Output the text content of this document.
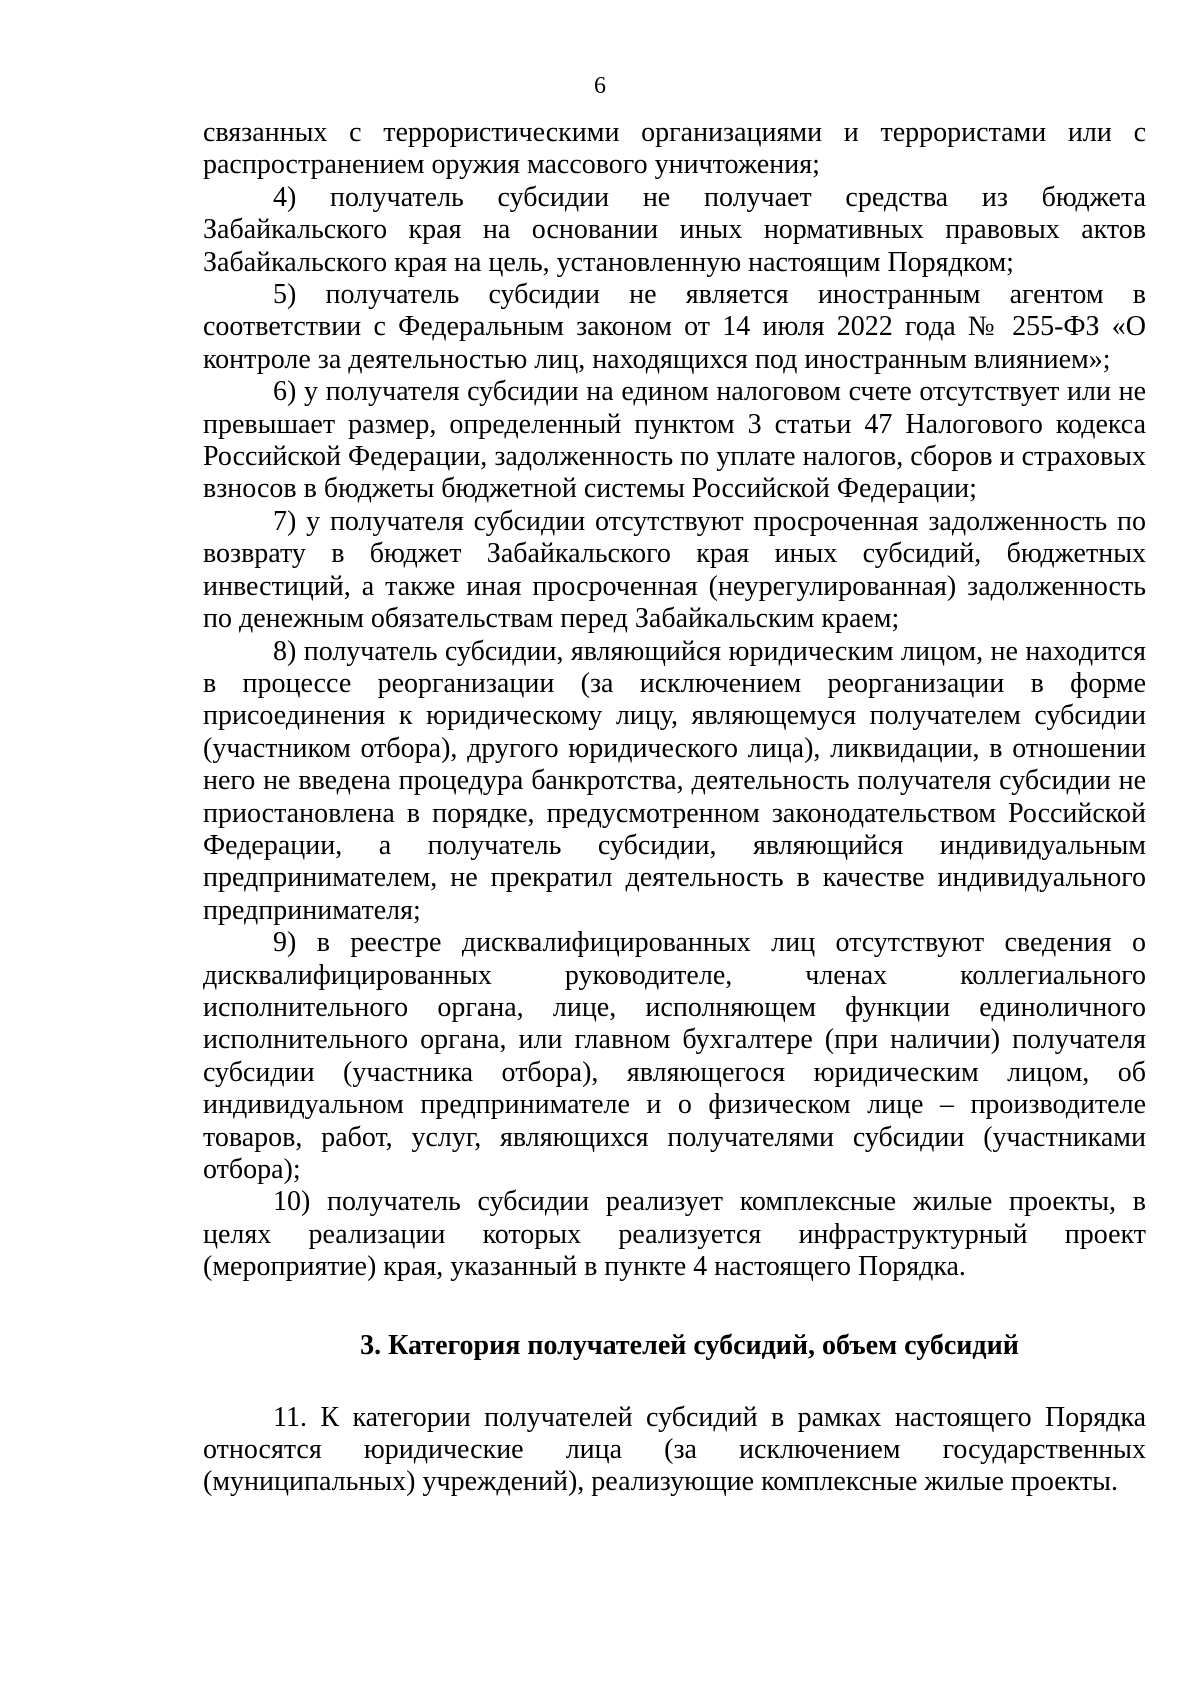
6

связанных с террористическими организациями и террористами или с распространением оружия массового уничтожения;

4) получатель субсидии не получает средства из бюджета Забайкальского края на основании иных нормативных правовых актов Забайкальского края на цель, установленную настоящим Порядком;

5) получатель субсидии не является иностранным агентом в соответствии с Федеральным законом от 14 июля 2022 года № 255-ФЗ «О контроле за деятельностью лиц, находящихся под иностранным влиянием»;

6) у получателя субсидии на едином налоговом счете отсутствует или не превышает размер, определенный пунктом 3 статьи 47 Налогового кодекса Российской Федерации, задолженность по уплате налогов, сборов и страховых взносов в бюджеты бюджетной системы Российской Федерации;

7) у получателя субсидии отсутствуют просроченная задолженность по возврату в бюджет Забайкальского края иных субсидий, бюджетных инвестиций, а также иная просроченная (неурегулированная) задолженность по денежным обязательствам перед Забайкальским краем;

8) получатель субсидии, являющийся юридическим лицом, не находится в процессе реорганизации (за исключением реорганизации в форме присоединения к юридическому лицу, являющемуся получателем субсидии (участником отбора), другого юридического лица), ликвидации, в отношении него не введена процедура банкротства, деятельность получателя субсидии не приостановлена в порядке, предусмотренном законодательством Российской Федерации, а получатель субсидии, являющийся индивидуальным предпринимателем, не прекратил деятельность в качестве индивидуального предпринимателя;

9) в реестре дисквалифицированных лиц отсутствуют сведения о дисквалифицированных руководителе, членах коллегиального исполнительного органа, лице, исполняющем функции единоличного исполнительного органа, или главном бухгалтере (при наличии) получателя субсидии (участника отбора), являющегося юридическим лицом, об индивидуальном предпринимателе и о физическом лице – производителе товаров, работ, услуг, являющихся получателями субсидии (участниками отбора);

10) получатель субсидии реализует комплексные жилые проекты, в целях реализации которых реализуется инфраструктурный проект (мероприятие) края, указанный в пункте 4 настоящего Порядка.

3. Категория получателей субсидий, объем субсидий

11. К категории получателей субсидий в рамках настоящего Порядка относятся юридические лица (за исключением государственных (муниципальных) учреждений), реализующие комплексные жилые проекты.
